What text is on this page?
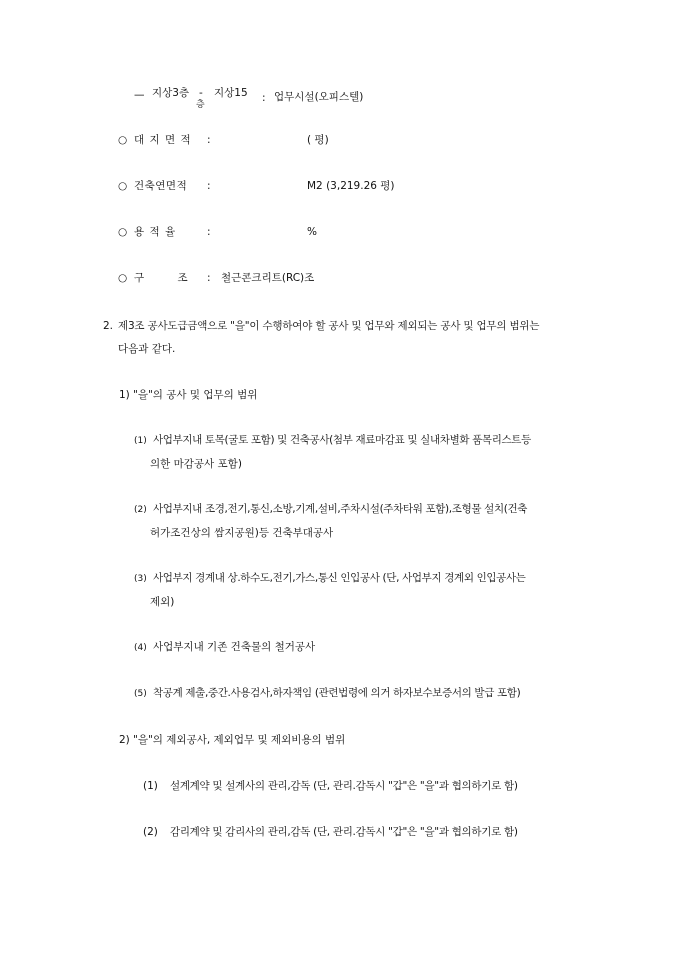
— 지상3층 -
층
지상15 : 업무시설(오피스텔)
○ 대 지 면 적 :	( 평)
○ 건축연면적 :	M2 (3,219.26 평)
○ 용 적 율	:	%
○ 구          조 : 철근콘크리트(RC)조
2. 제3조 공사도급금액으로 "을"이 수행하여야 할 공사 및 업무와 제외되는 공사 및 업무의 범위는
다음과 같다.
1) "을"의 공사 및 업무의 범위
(1) 사업부지내 토목(굴토 포함) 및 건축공사(첨부 재료마감표 및 실내차별화 품목리스트등
의한 마감공사 포함)
(2) 사업부지내 조경,전기,통신,소방,기계,설비,주차시설(주차타워 포함),조형물 설치(건축
허가조건상의 쌈지공원)등 건축부대공사
(3) 사업부지 경계내 상.하수도,전기,가스,통신 인입공사 (단, 사업부지 경계외 인입공사는
제외)
(4) 사업부지내 기존 건축물의 철거공사
(5) 착공계 제출,중간.사용검사,하자책임 (관련법령에 의거 하자보수보증서의 발급 포함)
2) "을"의 제외공사, 제외업무 및 제외비용의 범위
(1) 설계계약 및 설계사의 관리,감독 (단, 관리.감독시 "갑"은 "을"과 협의하기로 함)
(2) 감리계약 및 감리사의 관리,감독 (단, 관리.감독시 "갑"은 "을"과 협의하기로 함)
